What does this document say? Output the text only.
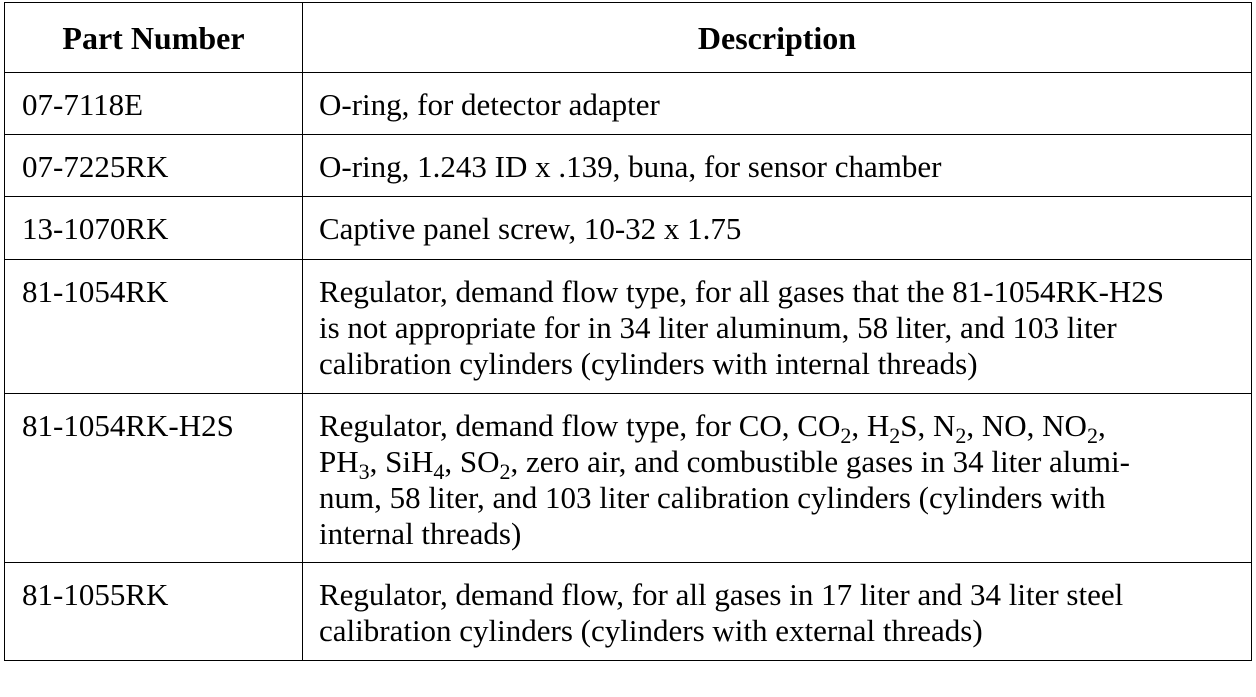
Part Number	Description
07-7118E	O-ring, for detector adapter
07-7225RK	O-ring, 1.243 ID x .139, buna, for sensor chamber
13-1070RK	Captive panel screw, 10-32 x 1.75
81-1054RK	Regulator, demand flow type, for all gases that the 81-1054RK-H2S
is not appropriate for in 34 liter aluminum, 58 liter, and 103 liter
calibration cylinders (cylinders with internal threads)
81-1054RK-H2S	Regulator, demand flow type, for CO, $CO_2$, $H_2S$, $N_2$, NO, $NO_2$,
$PH_3$, SiH$_4$, $SO_2$, zero air, and combustible gases in 34 liter alumi-
num, 58 liter, and 103 liter calibration cylinders (cylinders with
internal threads)
81-1055RK	Regulator, demand flow, for all gases in 17 liter and 34 liter steel
calibration cylinders (cylinders with external threads)
